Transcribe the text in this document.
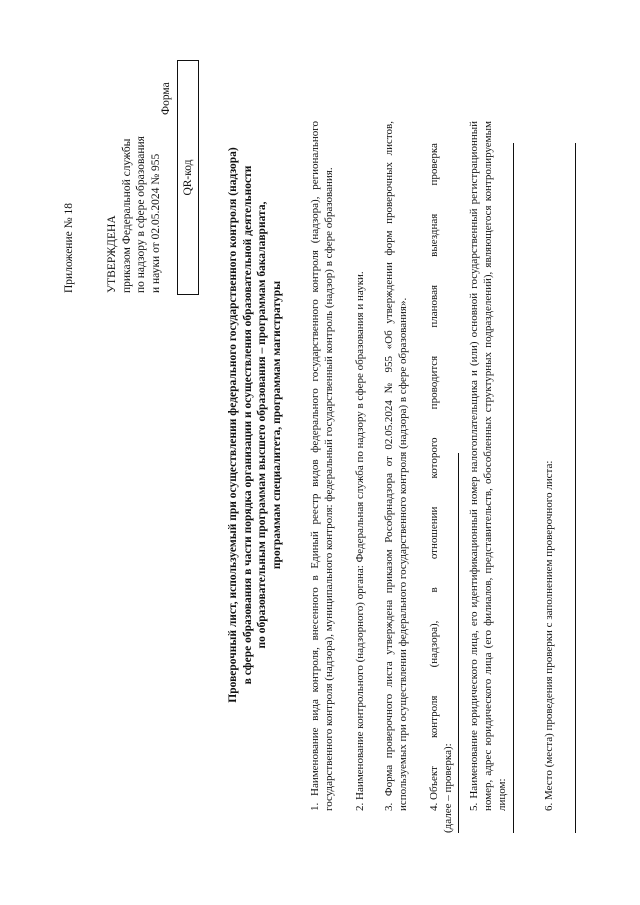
Приложение № 18	УТВЕРЖДЕНА приказом Федеральной службы по надзору в сфере образования и науки от 02.05.2024 № 955
Форма
QR-код	Проверочный лист, используемый при осуществлении федерального государственного контроля (надзора) в сфере образования в части порядка организации и осуществления образовательной деятельности по образовательным программам высшего образования – программам бакалавриата, программам специалитета, программам магистратуры 1. Наименование вида контроля, внесенного в Единый реестр видов федерального государственного контроля (надзора), регионального государственного контроля (надзора), муниципального контроля: федеральный государственный контроль (надзор) в сфере образования. 2. Наименование контрольного (надзорного) органа: Федеральная служба по надзору в сфере образования и науки. 3. Форма проверочного листа утверждена приказом Рособрнадзора от 02.05.2024 № 955 «Об утверждении форм проверочных листов, используемых при осуществлении федерального государственного контроля (надзора) в сфере образования». 4. Объект
контроля
(надзора),
в
отношении
которого
проводится
плановая
выездная
проверка
(далее – проверка): 5. Наименование юридического лица, его идентификационный номер налогоплательщика и (или) основной государственный регистрационный номер, адрес юридического лица (его филиалов, представительств, обособленных структурных подразделений), являющегося контролируемым лицом:	6. Место (места) проведения проверки с заполнением проверочного листа:
